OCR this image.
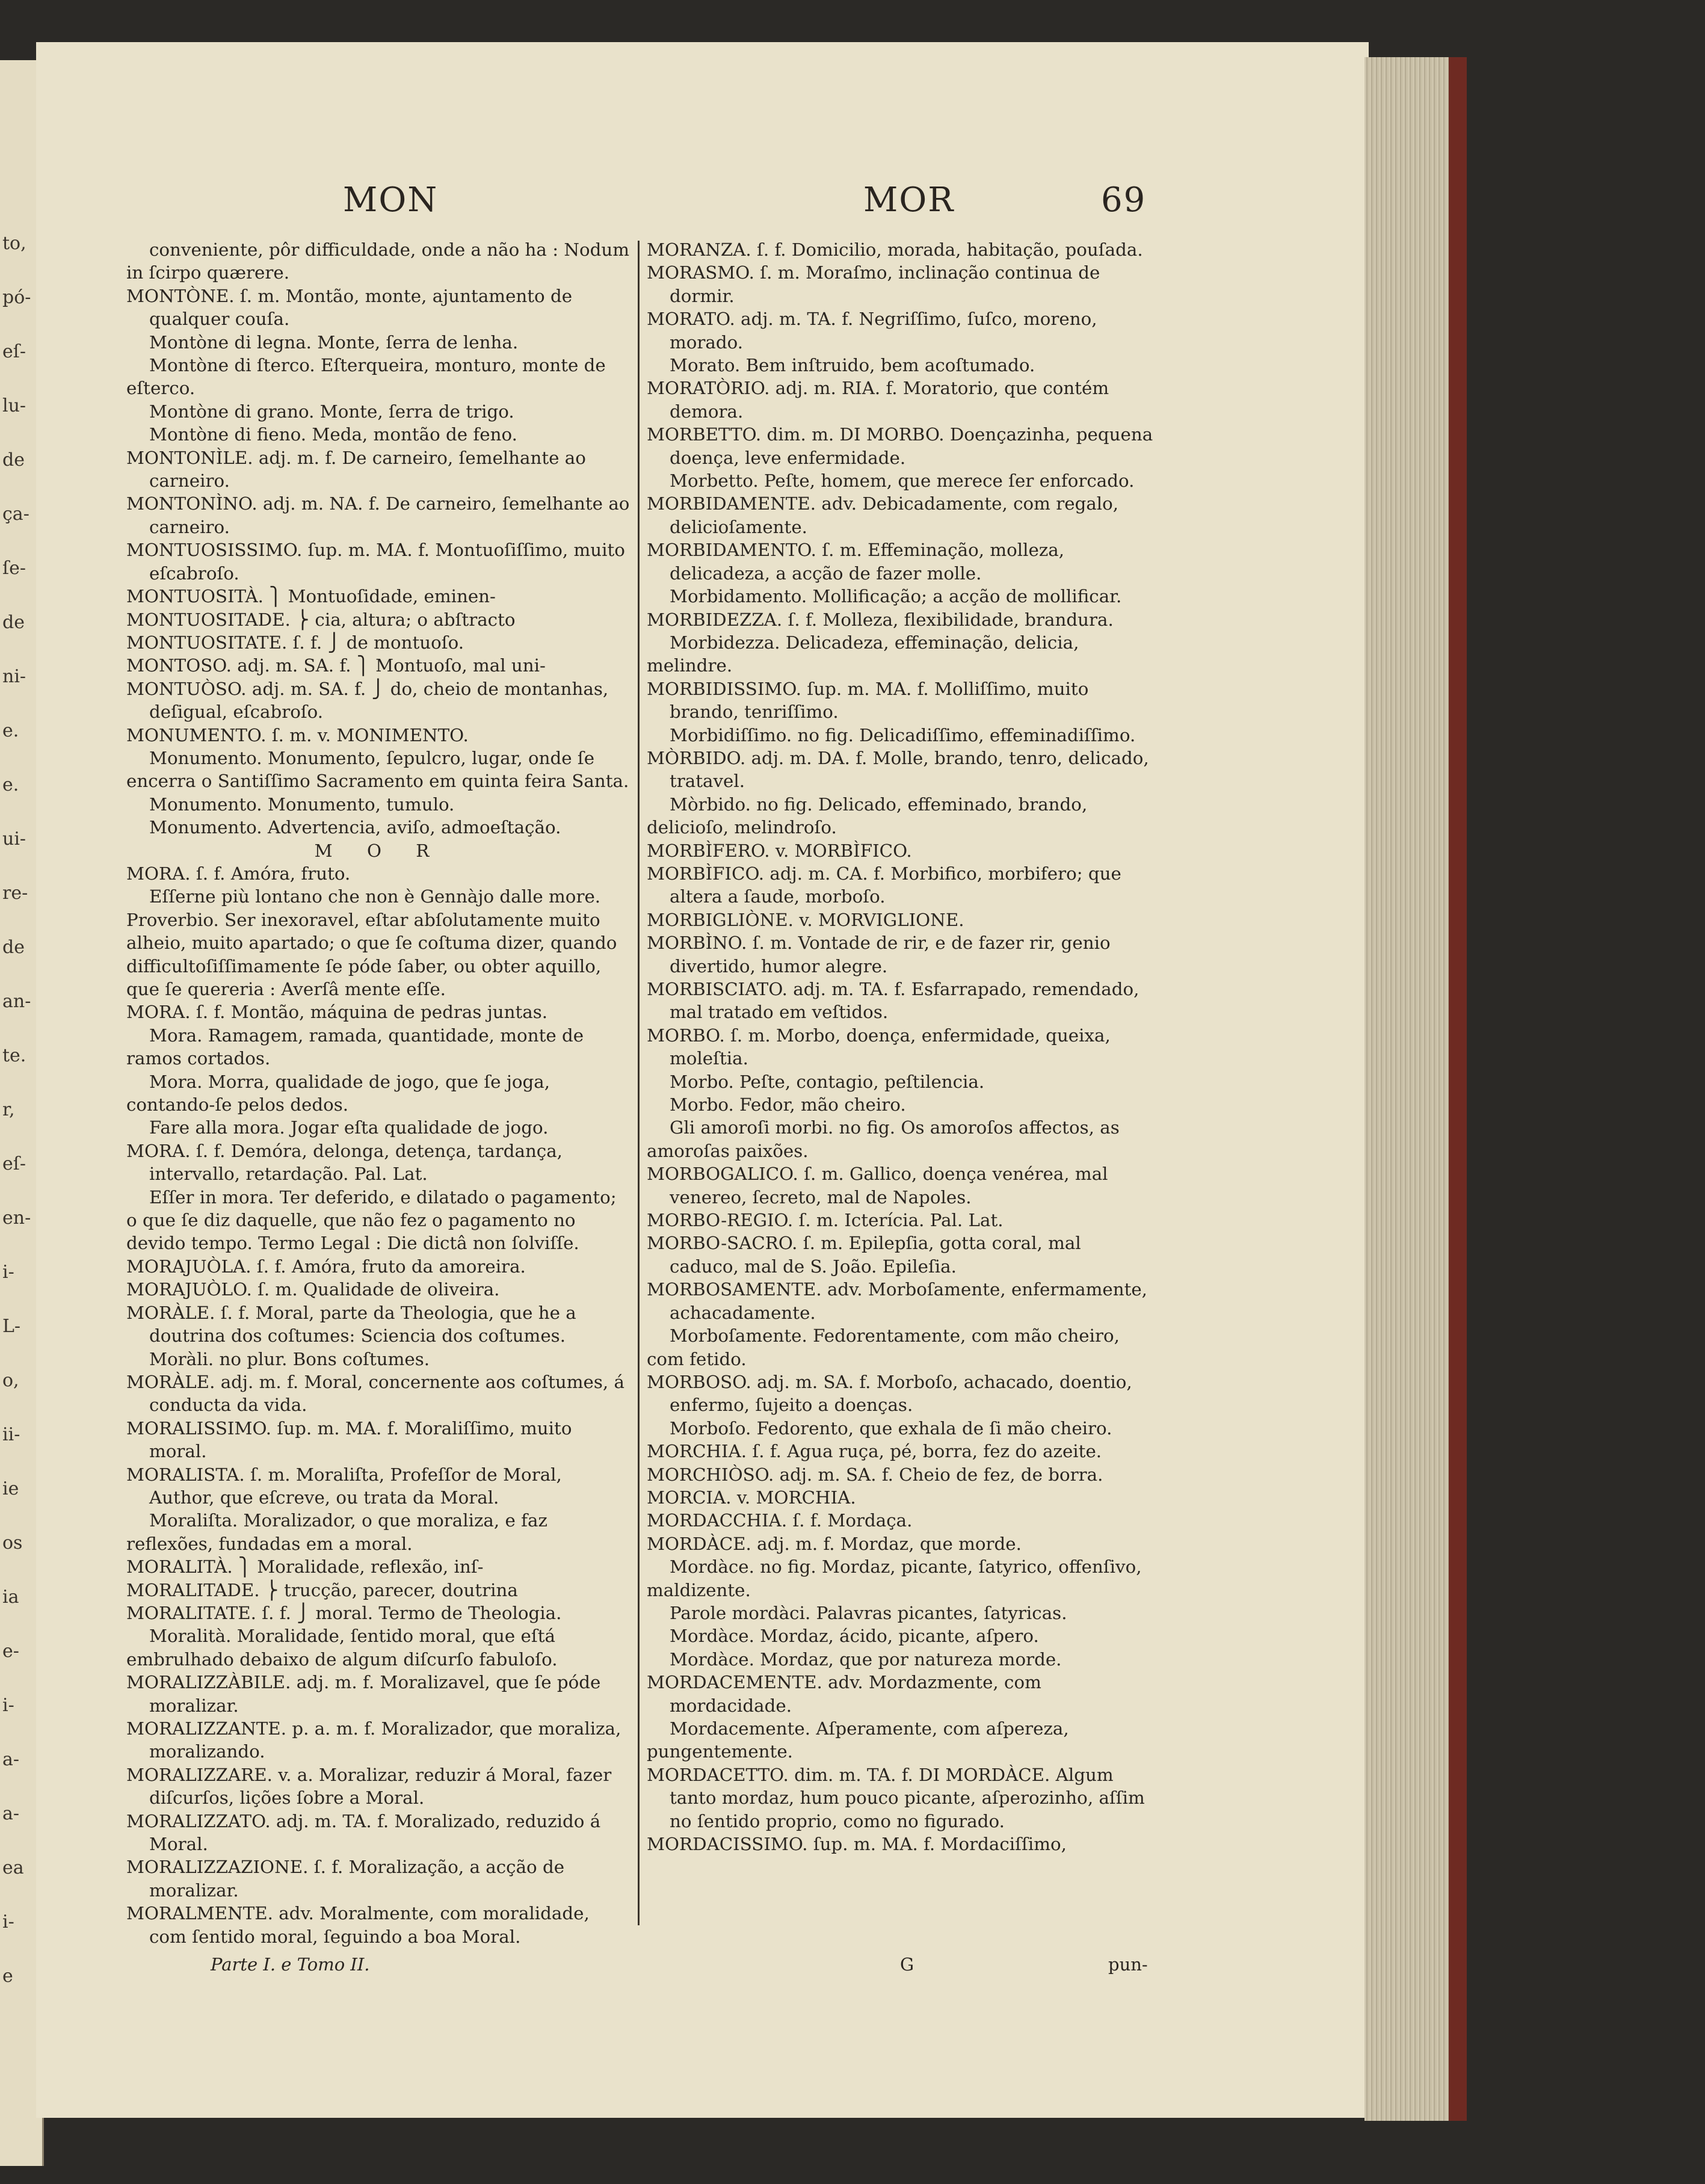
to,
pó-
eſ-
lu-
de
ça-
ſe-
de
ni-
e.
e.
ui-
re-
de
an-
te.
r,
eſ-
en-
i-
L-
o,
ii-
ie
os
ia
e-
i-
a-
a-
ea
i-
e
MON	MOR	69

conveniente, pôr difficuldade, onde a não ha : Nodum in ſcirpo quærere.

MONTÒNE. ſ. m. Montão, monte, ajuntamento de qualquer couſa.

Montòne di legna. Monte, ſerra de lenha.

Montòne di ſterco. Eſterqueira, monturo, monte de eſterco.

Montòne di grano. Monte, ſerra de trigo.

Montòne di fieno. Meda, montão de feno.

MONTONÌLE. adj. m. f. De carneiro, ſemelhante ao carneiro.

MONTONÌNO. adj. m. NA. f. De carneiro, ſemelhante ao carneiro.

MONTUOSISSIMO. ſup. m. MA. f. Montuoſiſſimo, muito eſcabroſo.

MONTUOSITÀ. ⎫ Montuoſidade, eminen-

MONTUOSITADE. ⎬ cia, altura; o abſtracto

MONTUOSITATE. ſ. f. ⎭ de montuoſo.

MONTOSO. adj. m. SA. f. ⎫ Montuoſo, mal uni-

MONTUÒSO. adj. m. SA. f. ⎭ do, cheio de montanhas, deſigual, eſcabroſo.

MONUMENTO. ſ. m. v. MONIMENTO.

Monumento. Monumento, ſepulcro, lugar, onde ſe encerra o Santiſſimo Sacramento em quinta feira Santa.

Monumento. Monumento, tumulo.

Monumento. Advertencia, aviſo, admoeſtação.

M O R

MORA. ſ. f. Amóra, fruto.

Eſſerne più lontano che non è Gennàjo dalle more. Proverbio. Ser inexoravel, eſtar abſolutamente muito alheio, muito apartado; o que ſe coſtuma dizer, quando difficultoſiſſimamente ſe póde ſaber, ou obter aquillo, que ſe quereria : Averſâ mente eſſe.

MORA. ſ. f. Montão, máquina de pedras juntas.

Mora. Ramagem, ramada, quantidade, monte de ramos cortados.

Mora. Morra, qualidade de jogo, que ſe joga, contando-ſe pelos dedos.

Fare alla mora. Jogar eſta qualidade de jogo.

MORA. ſ. f. Demóra, delonga, detença, tardança, intervallo, retardação. Pal. Lat.

Eſſer in mora. Ter deferido, e dilatado o pagamento; o que ſe diz daquelle, que não fez o pagamento no devido tempo. Termo Legal : Die dictâ non ſolviſſe.

MORAJUÒLA. ſ. f. Amóra, fruto da amoreira.

MORAJUÒLO. ſ. m. Qualidade de oliveira.

MORÀLE. ſ. f. Moral, parte da Theologia, que he a doutrina dos coſtumes: Sciencia dos coſtumes.

Moràli. no plur. Bons coſtumes.

MORÀLE. adj. m. f. Moral, concernente aos coſtumes, á conducta da vida.

MORALISSIMO. ſup. m. MA. f. Moraliſſimo, muito moral.

MORALISTA. ſ. m. Moraliſta, Profeſſor de Moral, Author, que eſcreve, ou trata da Moral.

Moraliſta. Moralizador, o que moraliza, e faz reflexões, fundadas em a moral.

MORALITÀ. ⎫ Moralidade, reflexão, inſ-

MORALITADE. ⎬ trucção, parecer, doutrina

MORALITATE. ſ. f. ⎭ moral. Termo de Theologia.

Moralità. Moralidade, ſentido moral, que eſtá embrulhado debaixo de algum diſcurſo fabuloſo.

MORALIZZÀBILE. adj. m. f. Moralizavel, que ſe póde moralizar.

MORALIZZANTE. p. a. m. f. Moralizador, que moraliza, moralizando.

MORALIZZARE. v. a. Moralizar, reduzir á Moral, fazer diſcurſos, lições ſobre a Moral.

MORALIZZATO. adj. m. TA. f. Moralizado, reduzido á Moral.

MORALIZZAZIONE. ſ. f. Moralização, a acção de moralizar.

MORALMENTE. adv. Moralmente, com moralidade, com ſentido moral, ſeguindo a boa Moral.

MORANZA. ſ. f. Domicilio, morada, habitação, pouſada.

MORASMO. ſ. m. Moraſmo, inclinação continua de dormir.

MORATO. adj. m. TA. f. Negriſſimo, ſuſco, moreno, morado.

Morato. Bem inſtruido, bem acoſtumado.

MORATÒRIO. adj. m. RIA. f. Moratorio, que contém demora.

MORBETTO. dim. m. DI MORBO. Doençazinha, pequena doença, leve enfermidade.

Morbetto. Peſte, homem, que merece ſer enforcado.

MORBIDAMENTE. adv. Debicadamente, com regalo, delicioſamente.

MORBIDAMENTO. ſ. m. Effeminação, molleza, delicadeza, a acção de fazer molle.

Morbidamento. Mollificação; a acção de mollificar.

MORBIDEZZA. ſ. f. Molleza, flexibilidade, brandura.

Morbidezza. Delicadeza, effeminação, delicia, melindre.

MORBIDISSIMO. ſup. m. MA. f. Molliſſimo, muito brando, tenriſſimo.

Morbidiſſimo. no fig. Delicadiſſimo, effeminadiſſimo.

MÒRBIDO. adj. m. DA. f. Molle, brando, tenro, delicado, tratavel.

Mòrbido. no fig. Delicado, effeminado, brando, delicioſo, melindroſo.

MORBÌFERO. v. MORBÌFICO.

MORBÌFICO. adj. m. CA. f. Morbifico, morbifero; que altera a ſaude, morboſo.

MORBIGLIÒNE. v. MORVIGLIONE.

MORBÌNO. ſ. m. Vontade de rir, e de fazer rir, genio divertido, humor alegre.

MORBISCIATO. adj. m. TA. f. Esfarrapado, remendado, mal tratado em veſtidos.

MORBO. ſ. m. Morbo, doença, enfermidade, queixa, moleſtia.

Morbo. Peſte, contagio, peſtilencia.

Morbo. Fedor, mão cheiro.

Gli amoroſi morbi. no fig. Os amoroſos affectos, as amoroſas paixões.

MORBOGALICO. ſ. m. Gallico, doença venérea, mal venereo, ſecreto, mal de Napoles.

MORBO-REGIO. ſ. m. Icterícia. Pal. Lat.

MORBO-SACRO. ſ. m. Epilepſia, gotta coral, mal caduco, mal de S. João. Epileſia.

MORBOSAMENTE. adv. Morboſamente, enfermamente, achacadamente.

Morboſamente. Fedorentamente, com mão cheiro, com fetido.

MORBOSO. adj. m. SA. f. Morboſo, achacado, doentio, enfermo, ſujeito a doenças.

Morboſo. Fedorento, que exhala de ſi mão cheiro.

MORCHIA. ſ. f. Agua ruça, pé, borra, fez do azeite.

MORCHIÒSO. adj. m. SA. f. Cheio de fez, de borra.

MORCIA. v. MORCHIA.

MORDACCHIA. ſ. f. Mordaça.

MORDÀCE. adj. m. f. Mordaz, que morde.

Mordàce. no fig. Mordaz, picante, ſatyrico, offenſivo, maldizente.

Parole mordàci. Palavras picantes, ſatyricas.

Mordàce. Mordaz, ácido, picante, aſpero.

Mordàce. Mordaz, que por natureza morde.

MORDACEMENTE. adv. Mordazmente, com mordacidade.

Mordacemente. Aſperamente, com aſpereza, pungentemente.

MORDACETTO. dim. m. TA. f. DI MORDÀCE. Algum tanto mordaz, hum pouco picante, aſperozinho, aſſim no ſentido proprio, como no figurado.

MORDACISSIMO. ſup. m. MA. f. Mordaciſſimo,

Parte I. e Tomo II.	G	pun-
